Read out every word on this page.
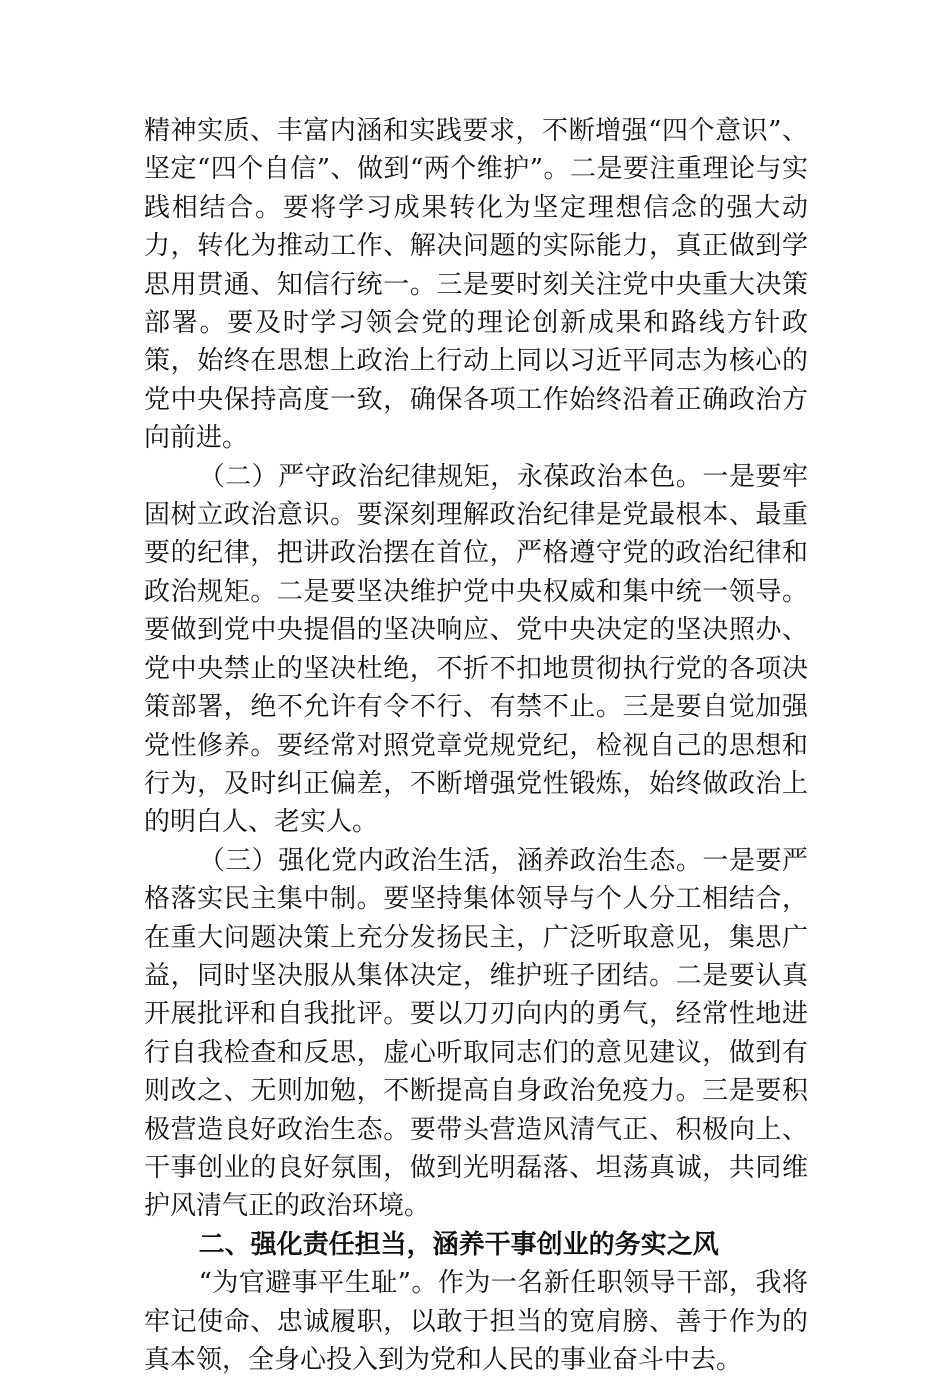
精神实质、丰富内涵和实践要求，不断增强“四个意识”、坚定“四个自信”、做到“两个维护”。二是要注重理论与实践相结合。要将学习成果转化为坚定理想信念的强大动力，转化为推动工作、解决问题的实际能力，真正做到学思用贯通、知信行统一。三是要时刻关注党中央重大决策部署。要及时学习领会党的理论创新成果和路线方针政策，始终在思想上政治上行动上同以习近平同志为核心的党中央保持高度一致，确保各项工作始终沿着正确政治方向前进。

（二）严守政治纪律规矩，永葆政治本色。一是要牢固树立政治意识。要深刻理解政治纪律是党最根本、最重要的纪律，把讲政治摆在首位，严格遵守党的政治纪律和政治规矩。二是要坚决维护党中央权威和集中统一领导。要做到党中央提倡的坚决响应、党中央决定的坚决照办、党中央禁止的坚决杜绝，不折不扣地贯彻执行党的各项决策部署，绝不允许有令不行、有禁不止。三是要自觉加强党性修养。要经常对照党章党规党纪，检视自己的思想和行为，及时纠正偏差，不断增强党性锻炼，始终做政治上的明白人、老实人。

（三）强化党内政治生活，涵养政治生态。一是要严格落实民主集中制。要坚持集体领导与个人分工相结合，在重大问题决策上充分发扬民主，广泛听取意见，集思广益，同时坚决服从集体决定，维护班子团结。二是要认真开展批评和自我批评。要以刀刃向内的勇气，经常性地进行自我检查和反思，虚心听取同志们的意见建议，做到有则改之、无则加勉，不断提高自身政治免疫力。三是要积极营造良好政治生态。要带头营造风清气正、积极向上、干事创业的良好氛围，做到光明磊落、坦荡真诚，共同维护风清气正的政治环境。

二、强化责任担当，涵养干事创业的务实之风

“为官避事平生耻”。作为一名新任职领导干部，我将牢记使命、忠诚履职，以敢于担当的宽肩膀、善于作为的真本领，全身心投入到为党和人民的事业奋斗中去。
